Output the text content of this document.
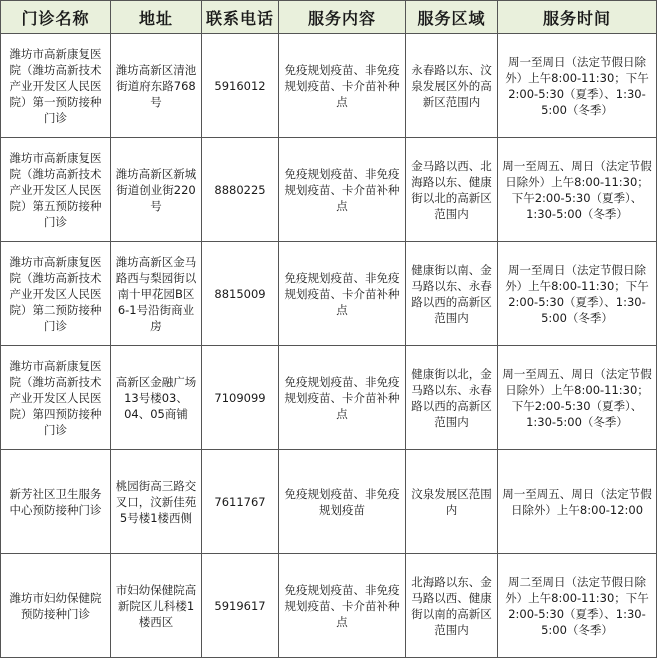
门诊名称	地址	联系电话	服务内容	服务区域	服务时间
潍坊市高新康复医院（潍坊高新技术产业开发区人民医院）第一预防接种门诊	潍坊高新区清池街道府东路768号	5916012	免疫规划疫苗、非免疫规划疫苗、卡介苗补种点	永春路以东、汶泉发展区外的高新区范围内	周一至周日（法定节假日除外）上午8:00-11:30；下午2:00-5:30（夏季）、1:30-5:00（冬季）
潍坊市高新康复医院（潍坊高新技术产业开发区人民医院）第五预防接种门诊	潍坊高新区新城街道创业街220号	8880225	免疫规划疫苗、非免疫规划疫苗、卡介苗补种点	金马路以西、北海路以东、健康街以北的高新区范围内	周一至周五、周日（法定节假日除外）上午8:00-11:30；下午2:00-5:30（夏季）、1:30-5:00（冬季）
潍坊市高新康复医院（潍坊高新技术产业开发区人民医院）第二预防接种门诊	潍坊高新区金马路西与梨园街以南十甲花园B区6-1号沿街商业房	8815009	免疫规划疫苗、非免疫规划疫苗、卡介苗补种点	健康街以南、金马路以东、永春路以西的高新区范围内	周一至周日（法定节假日除外）上午8:00-11:30；下午2:00-5:30（夏季）、1:30-5:00（冬季）
潍坊市高新康复医院（潍坊高新技术产业开发区人民医院）第四预防接种门诊	高新区金融广场13号楼03、04、05商铺	7109099	免疫规划疫苗、非免疫规划疫苗、卡介苗补种点	健康街以北，金马路以东、永春路以西的高新区范围内	周一至周五、周日（法定节假日除外）上午8:00-11:30；下午2:00-5:30（夏季）、1:30-5:00（冬季）
新芳社区卫生服务中心预防接种门诊	桃园街高三路交叉口，汶新佳苑5号楼1楼西侧	7611767	免疫规划疫苗、非免疫规划疫苗	汶泉发展区范围内	周一至周五、周日（法定节假日除外）上午8:00-12:00
潍坊市妇幼保健院预防接种门诊	市妇幼保健院高新院区儿科楼1楼西区	5919617	免疫规划疫苗、非免疫规划疫苗、卡介苗补种点	北海路以东、金马路以西、健康街以南的高新区范围内	周二至周日（法定节假日除外）上午8:00-11:30；下午2:00-5:30（夏季）、1:30-5:00（冬季）
